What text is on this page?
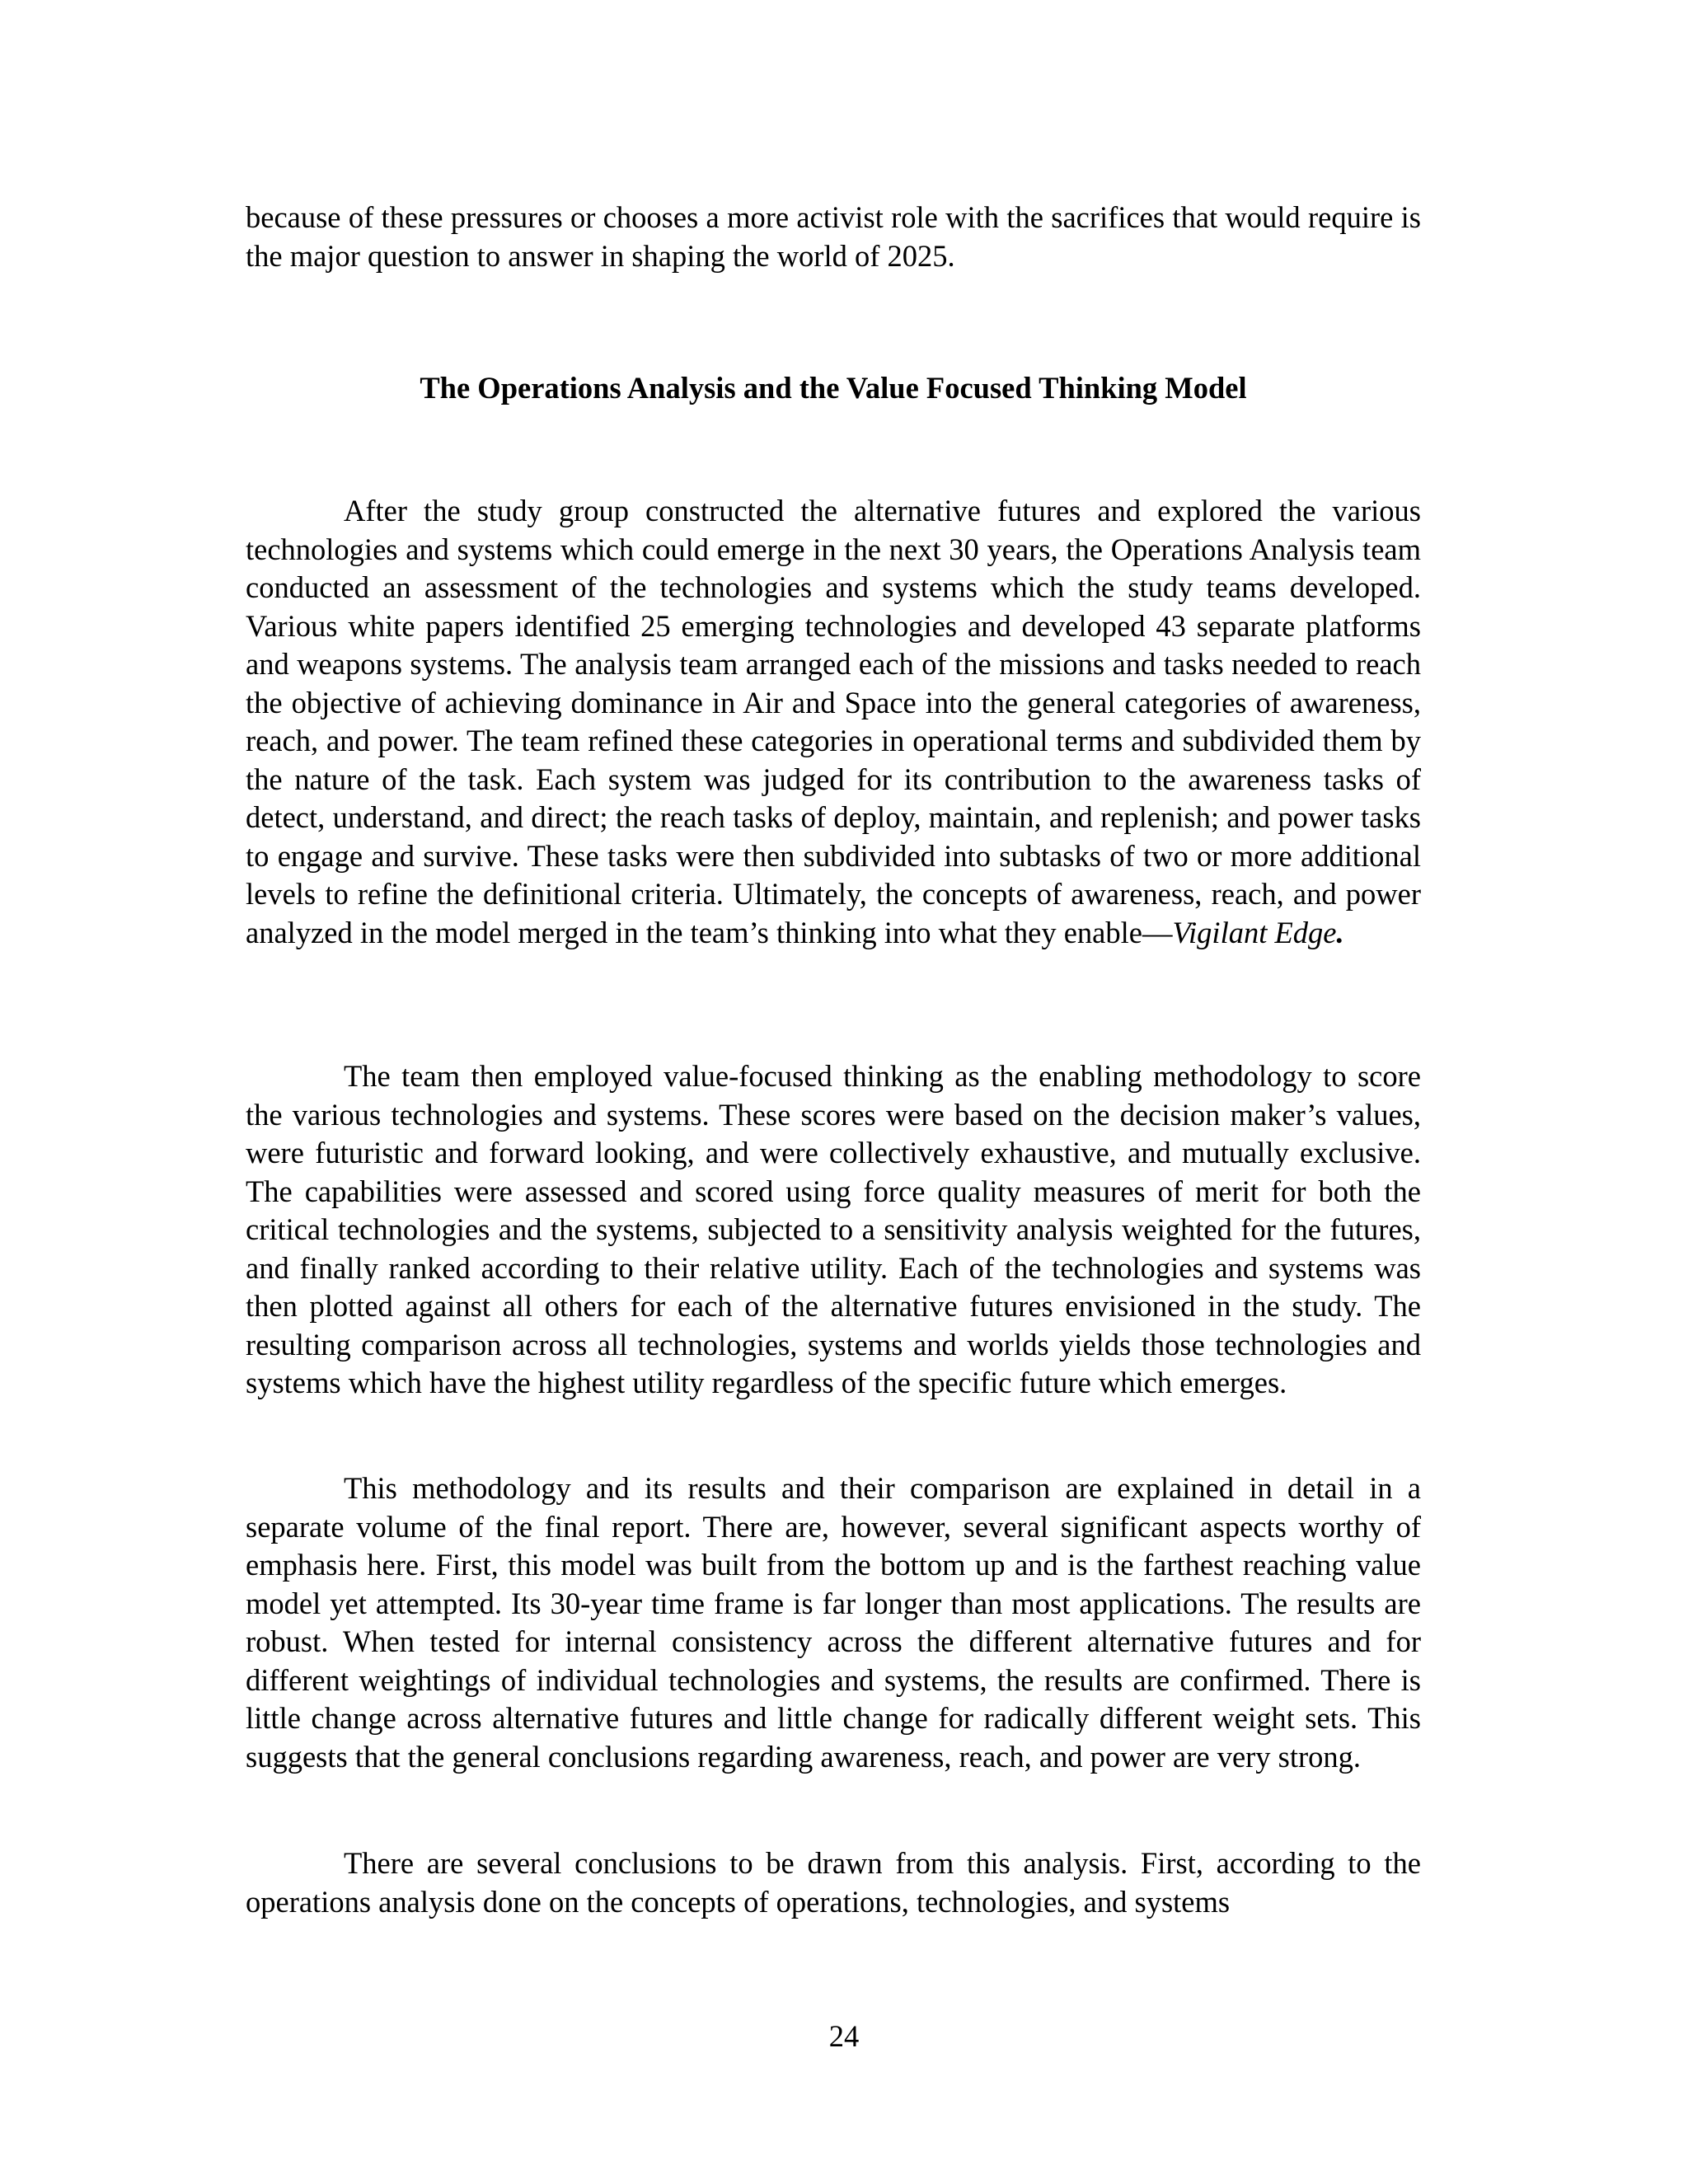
because of these pressures or chooses a more activist role with the sacrifices that would require is the major question to answer in shaping the world of 2025.

The Operations Analysis and the Value Focused Thinking Model

After the study group constructed the alternative futures and explored the various technologies and systems which could emerge in the next 30 years, the Operations Analysis team conducted an assessment of the technologies and systems which the study teams developed. Various white papers identified 25 emerging technologies and developed 43 separate platforms and weapons systems. The analysis team arranged each of the missions and tasks needed to reach the objective of achieving dominance in Air and Space into the general categories of awareness, reach, and power. The team refined these categories in operational terms and subdivided them by the nature of the task. Each system was judged for its contribution to the awareness tasks of detect, understand, and direct; the reach tasks of deploy, maintain, and replenish; and power tasks to engage and survive. These tasks were then subdivided into subtasks of two or more additional levels to refine the definitional criteria. Ultimately, the concepts of awareness, reach, and power analyzed in the model merged in the team’s thinking into what they enable—Vigilant Edge.

The team then employed value-focused thinking as the enabling methodology to score the various technologies and systems. These scores were based on the decision maker’s values, were futuristic and forward looking, and were collectively exhaustive, and mutually exclusive. The capabilities were assessed and scored using force quality measures of merit for both the critical technologies and the systems, subjected to a sensitivity analysis weighted for the futures, and finally ranked according to their relative utility. Each of the technologies and systems was then plotted against all others for each of the alternative futures envisioned in the study. The resulting comparison across all technologies, systems and worlds yields those technologies and systems which have the highest utility regardless of the specific future which emerges.

This methodology and its results and their comparison are explained in detail in a separate volume of the final report. There are, however, several significant aspects worthy of emphasis here. First, this model was built from the bottom up and is the farthest reaching value model yet attempted. Its 30-year time frame is far longer than most applications. The results are robust. When tested for internal consistency across the different alternative futures and for different weightings of individual technologies and systems, the results are confirmed. There is little change across alternative futures and little change for radically different weight sets. This suggests that the general conclusions regarding awareness, reach, and power are very strong.

There are several conclusions to be drawn from this analysis. First, according to the operations analysis done on the concepts of operations, technologies, and systems

24
